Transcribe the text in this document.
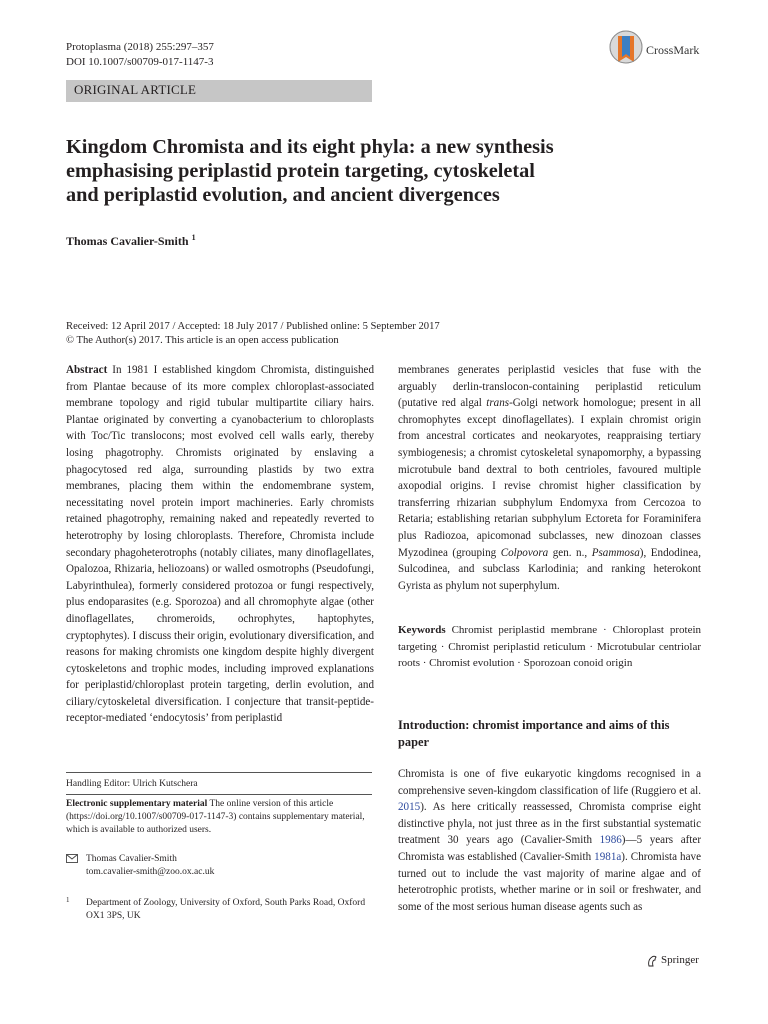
Protoplasma (2018) 255:297–357
DOI 10.1007/s00709-017-1147-3
CrossMark
ORIGINAL ARTICLE
Kingdom Chromista and its eight phyla: a new synthesis
emphasising periplastid protein targeting, cytoskeletal
and periplastid evolution, and ancient divergences
Thomas Cavalier-Smith $^1$
Received: 12 April 2017 / Accepted: 18 July 2017 / Published online: 5 September 2017
© The Author(s) 2017. This article is an open access publication

Abstract In 1981 I established kingdom Chromista, distinguished from Plantae because of its more complex chloroplast-associated membrane topology and rigid tubular multipartite ciliary hairs. Plantae originated by converting a cyanobacterium to chloroplasts with Toc/Tic translocons; most evolved cell walls early, thereby losing phagotrophy. Chromists originated by enslaving a phagocytosed red alga, surrounding plastids by two extra membranes, placing them within the endomembrane system, necessitating novel protein import machineries. Early chromists retained phagotrophy, remaining naked and repeatedly reverted to heterotrophy by losing chloroplasts. Therefore, Chromista include secondary phagoheterotrophs (notably ciliates, many dinoflagellates, Opalozoa, Rhizaria, heliozoans) or walled osmotrophs (Pseudofungi, Labyrinthulea), formerly considered protozoa or fungi respectively, plus endoparasites (e.g. Sporozoa) and all chromophyte algae (other dinoflagellates, chromeroids, ochrophytes, haptophytes, cryptophytes). I discuss their origin, evolutionary diversification, and reasons for making chromists one kingdom despite highly divergent cytoskeletons and trophic modes, including improved explanations for periplastid/chloroplast protein targeting, derlin evolution, and ciliary/cytoskeletal diversification. I conjecture that transit-peptide-receptor-mediated ‘endocytosis’ from periplastid

membranes generates periplastid vesicles that fuse with the arguably derlin-translocon-containing periplastid reticulum (putative red algal trans-Golgi network homologue; present in all chromophytes except dinoflagellates). I explain chromist origin from ancestral corticates and neokaryotes, reappraising tertiary symbiogenesis; a chromist cytoskeletal synapomorphy, a bypassing microtubule band dextral to both centrioles, favoured multiple axopodial origins. I revise chromist higher classification by transferring rhizarian subphylum Endomyxa from Cercozoa to Retaria; establishing retarian subphylum Ectoreta for Foraminifera plus Radiozoa, apicomonad subclasses, new dinozoan classes Myzodinea (grouping Colpovora gen. n., Psammosa), Endodinea, Sulcodinea, and subclass Karlodinia; and ranking heterokont Gyrista as phylum not superphylum.

Keywords Chromist periplastid membrane · Chloroplast protein targeting · Chromist periplastid reticulum · Microtubular centriolar roots · Chromist evolution · Sporozoan conoid origin

Introduction: chromist importance and aims of this paper

Chromista is one of five eukaryotic kingdoms recognised in a comprehensive seven-kingdom classification of life (Ruggiero et al. 2015). As here critically reassessed, Chromista comprise eight distinctive phyla, not just three as in the first substantial systematic treatment 30 years ago (Cavalier-Smith 1986)—5 years after Chromista was established (Cavalier-Smith 1981a). Chromista have turned out to include the vast majority of marine algae and of heterotrophic protists, whether marine or in soil or freshwater, and some of the most serious human disease agents such as

Handling Editor: Ulrich Kutschera

Electronic supplementary material The online version of this article (https://doi.org/10.1007/s00709-017-1147-3) contains supplementary material, which is available to authorized users.

Thomas Cavalier-Smith
tom.cavalier-smith@zoo.ox.ac.uk
1 Department of Zoology, University of Oxford, South Parks Road, Oxford OX1 3PS, UK
Springer
